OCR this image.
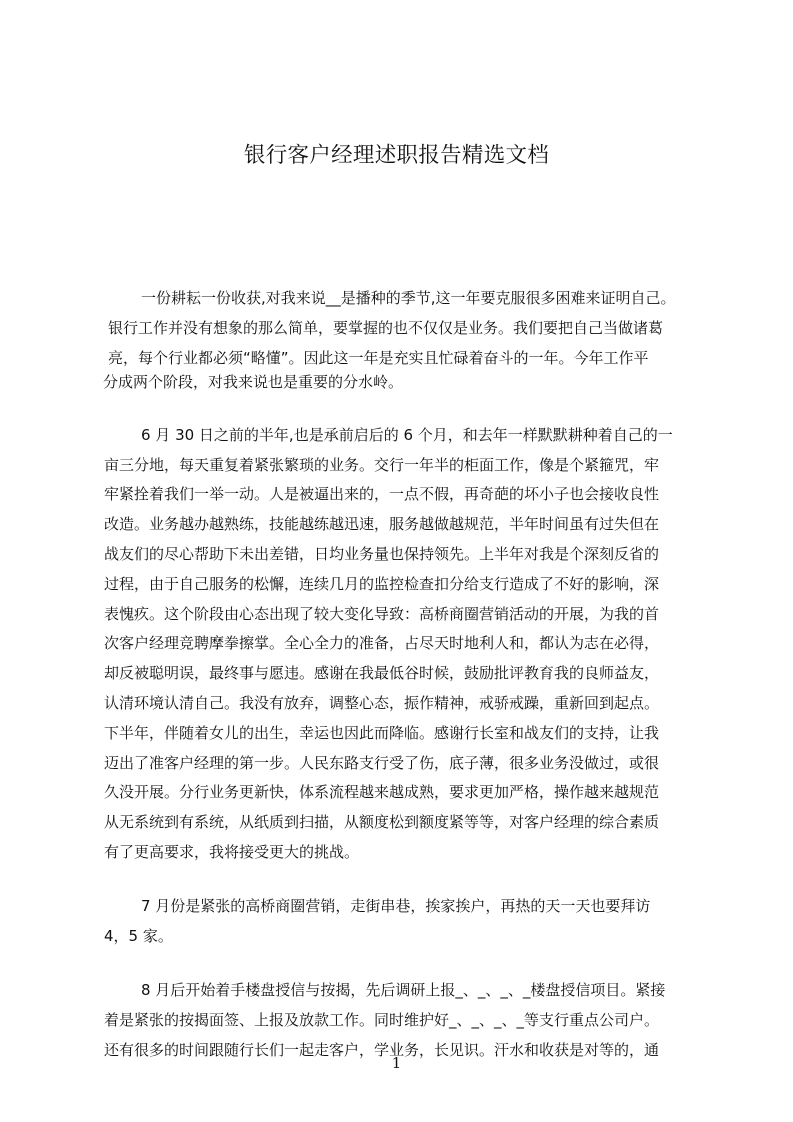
银行客户经理述职报告精选文档
一份耕耘一份收获,对我来说__是播种的季节,这一年要克服很多困难来证明自己。
银行工作并没有想象的那么简单，要掌握的也不仅仅是业务。我们要把自己当做诸葛
亮，每个行业都必须“略懂”。因此这一年是充实且忙碌着奋斗的一年。今年工作平
分成两个阶段，对我来说也是重要的分水岭。
6 月 30 日之前的半年,也是承前启后的 6 个月，和去年一样默默耕种着自己的一
亩三分地，每天重复着紧张繁琐的业务。交行一年半的柜面工作，像是个紧箍咒，牢
牢紧拴着我们一举一动。人是被逼出来的，一点不假，再奇葩的坏小子也会接收良性
改造。业务越办越熟练，技能越练越迅速，服务越做越规范，半年时间虽有过失但在
战友们的尽心帮助下未出差错，日均业务量也保持领先。上半年对我是个深刻反省的
过程，由于自己服务的松懈，连续几月的监控检查扣分给支行造成了不好的影响，深
表愧疚。这个阶段由心态出现了较大变化导致：高桥商圈营销活动的开展，为我的首
次客户经理竞聘摩拳擦掌。全心全力的准备，占尽天时地利人和，都认为志在必得，
却反被聪明误，最终事与愿违。感谢在我最低谷时候，鼓励批评教育我的良师益友，
认清环境认清自己。我没有放弃，调整心态，振作精神，戒骄戒躁，重新回到起点。
下半年，伴随着女儿的出生，幸运也因此而降临。感谢行长室和战友们的支持，让我
迈出了准客户经理的第一步。人民东路支行受了伤，底子薄，很多业务没做过，或很
久没开展。分行业务更新快，体系流程越来越成熟，要求更加严格，操作越来越规范
从无系统到有系统，从纸质到扫描，从额度松到额度紧等等，对客户经理的综合素质
有了更高要求，我将接受更大的挑战。
7 月份是紧张的高桥商圈营销，走街串巷，挨家挨户，再热的天一天也要拜访
4，5 家。
8 月后开始着手楼盘授信与按揭，先后调研上报_、_、_、_楼盘授信项目。紧接
着是紧张的按揭面签、上报及放款工作。同时维护好_、_、_、_等支行重点公司户。
还有很多的时间跟随行长们一起走客户，学业务，长见识。汗水和收获是对等的，通
1
